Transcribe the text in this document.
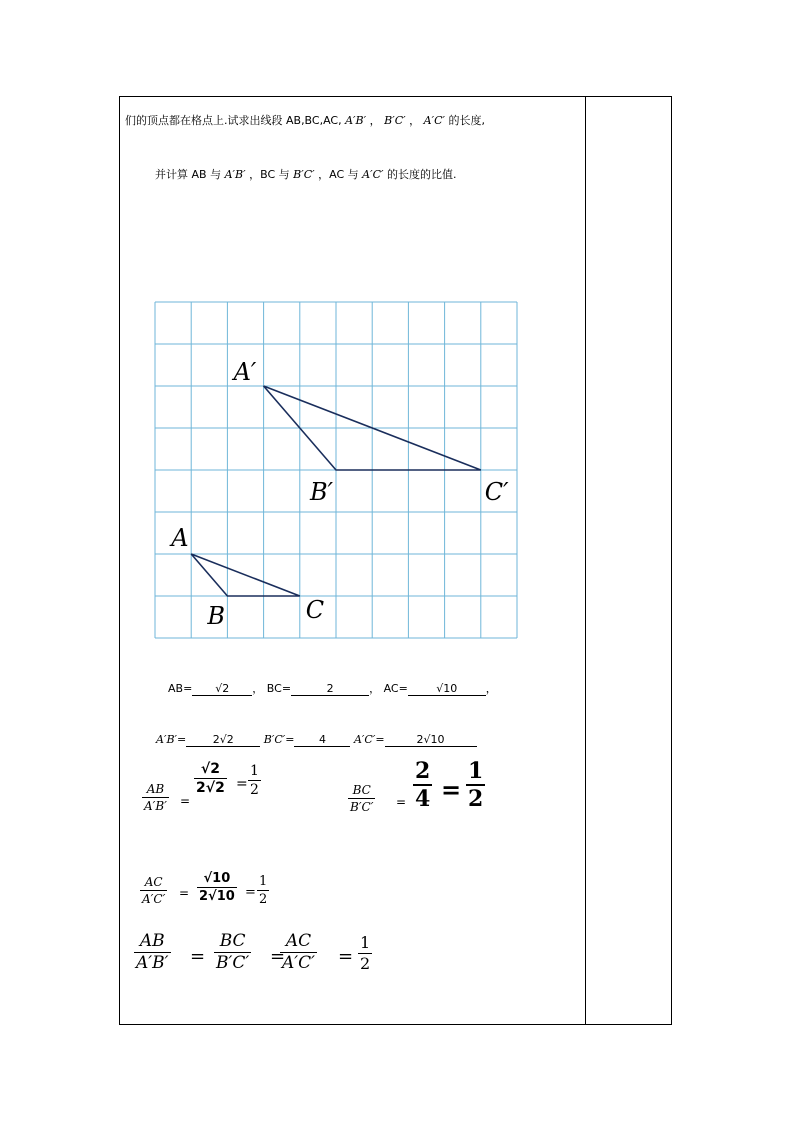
们的顶点都在格点上.试求出线段 AB,BC,AC, A′B′ ， B′C′ ， A′C′ 的长度,
并计算 AB 与 A′B′ ，BC 与 B′C′ ，AC 与 A′C′ 的长度的比值.
A
B	C
A′
B′	C′
AB= √2 ， BC=	2	， AC=	√10	，
A′B′= 2√2	B′C′= 4	A′C′=	2√10
AB
A′B′ =
√2
2√2 =
1
2	BC
B′C′ =
2
4 =
1
2
AC
A′C′ =
√10
2√10 =
1
2
AB
A′B′ =
BC
B′C′ =
AC
A′C′ =
1
2
